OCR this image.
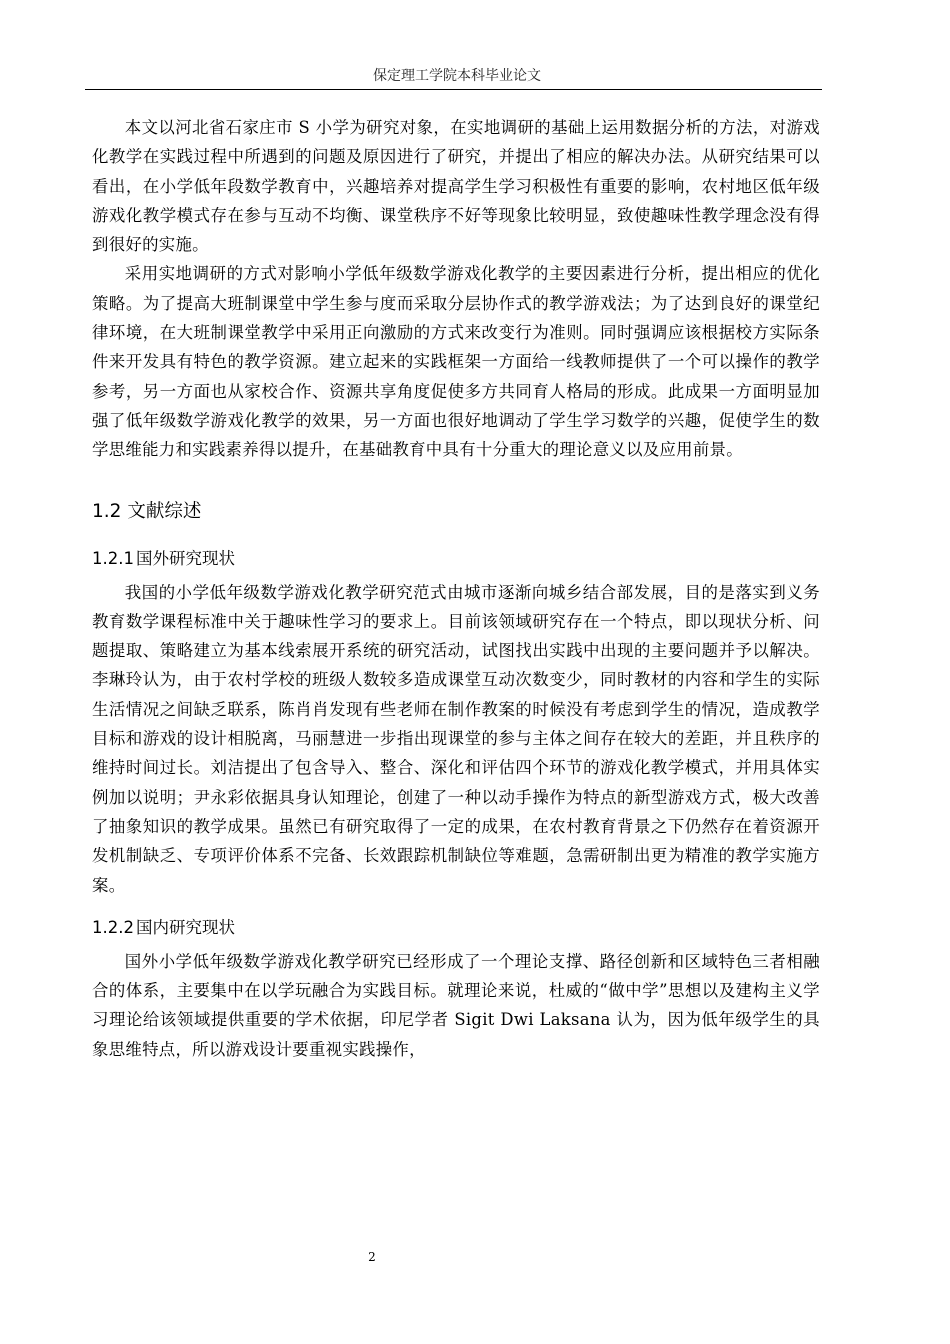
保定理工学院本科毕业论文

本文以河北省石家庄市 S 小学为研究对象，在实地调研的基础上运用数据分析的方法，对游戏化教学在实践过程中所遇到的问题及原因进行了研究，并提出了相应的解决办法。从研究结果可以看出，在小学低年段数学教育中，兴趣培养对提高学生学习积极性有重要的影响，农村地区低年级游戏化教学模式存在参与互动不均衡、课堂秩序不好等现象比较明显，致使趣味性教学理念没有得到很好的实施。

采用实地调研的方式对影响小学低年级数学游戏化教学的主要因素进行分析，提出相应的优化策略。为了提高大班制课堂中学生参与度而采取分层协作式的教学游戏法；为了达到良好的课堂纪律环境，在大班制课堂教学中采用正向激励的方式来改变行为准则。同时强调应该根据校方实际条件来开发具有特色的教学资源。建立起来的实践框架一方面给一线教师提供了一个可以操作的教学参考，另一方面也从家校合作、资源共享角度促使多方共同育人格局的形成。此成果一方面明显加强了低年级数学游戏化教学的效果，另一方面也很好地调动了学生学习数学的兴趣，促使学生的数学思维能力和实践素养得以提升，在基础教育中具有十分重大的理论意义以及应用前景。

1.2 文献综述
1.2.1 国外研究现状

我国的小学低年级数学游戏化教学研究范式由城市逐渐向城乡结合部发展，目的是落实到义务教育数学课程标准中关于趣味性学习的要求上。目前该领域研究存在一个特点，即以现状分析、问题提取、策略建立为基本线索展开系统的研究活动，试图找出实践中出现的主要问题并予以解决。李琳玲认为，由于农村学校的班级人数较多造成课堂互动次数变少，同时教材的内容和学生的实际生活情况之间缺乏联系，陈肖肖发现有些老师在制作教案的时候没有考虑到学生的情况，造成教学目标和游戏的设计相脱离，马丽慧进一步指出现课堂的参与主体之间存在较大的差距，并且秩序的维持时间过长。刘洁提出了包含导入、整合、深化和评估四个环节的游戏化教学模式，并用具体实例加以说明；尹永彩依据具身认知理论，创建了一种以动手操作为特点的新型游戏方式，极大改善了抽象知识的教学成果。虽然已有研究取得了一定的成果，在农村教育背景之下仍然存在着资源开发机制缺乏、专项评价体系不完备、长效跟踪机制缺位等难题，急需研制出更为精准的教学实施方案。

1.2.2 国内研究现状

国外小学低年级数学游戏化教学研究已经形成了一个理论支撑、路径创新和区域特色三者相融合的体系，主要集中在以学玩融合为实践目标。就理论来说，杜威的“做中学”思想以及建构主义学习理论给该领域提供重要的学术依据，印尼学者 Sigit Dwi Laksana 认为，因为低年级学生的具象思维特点，所以游戏设计要重视实践操作，

2
